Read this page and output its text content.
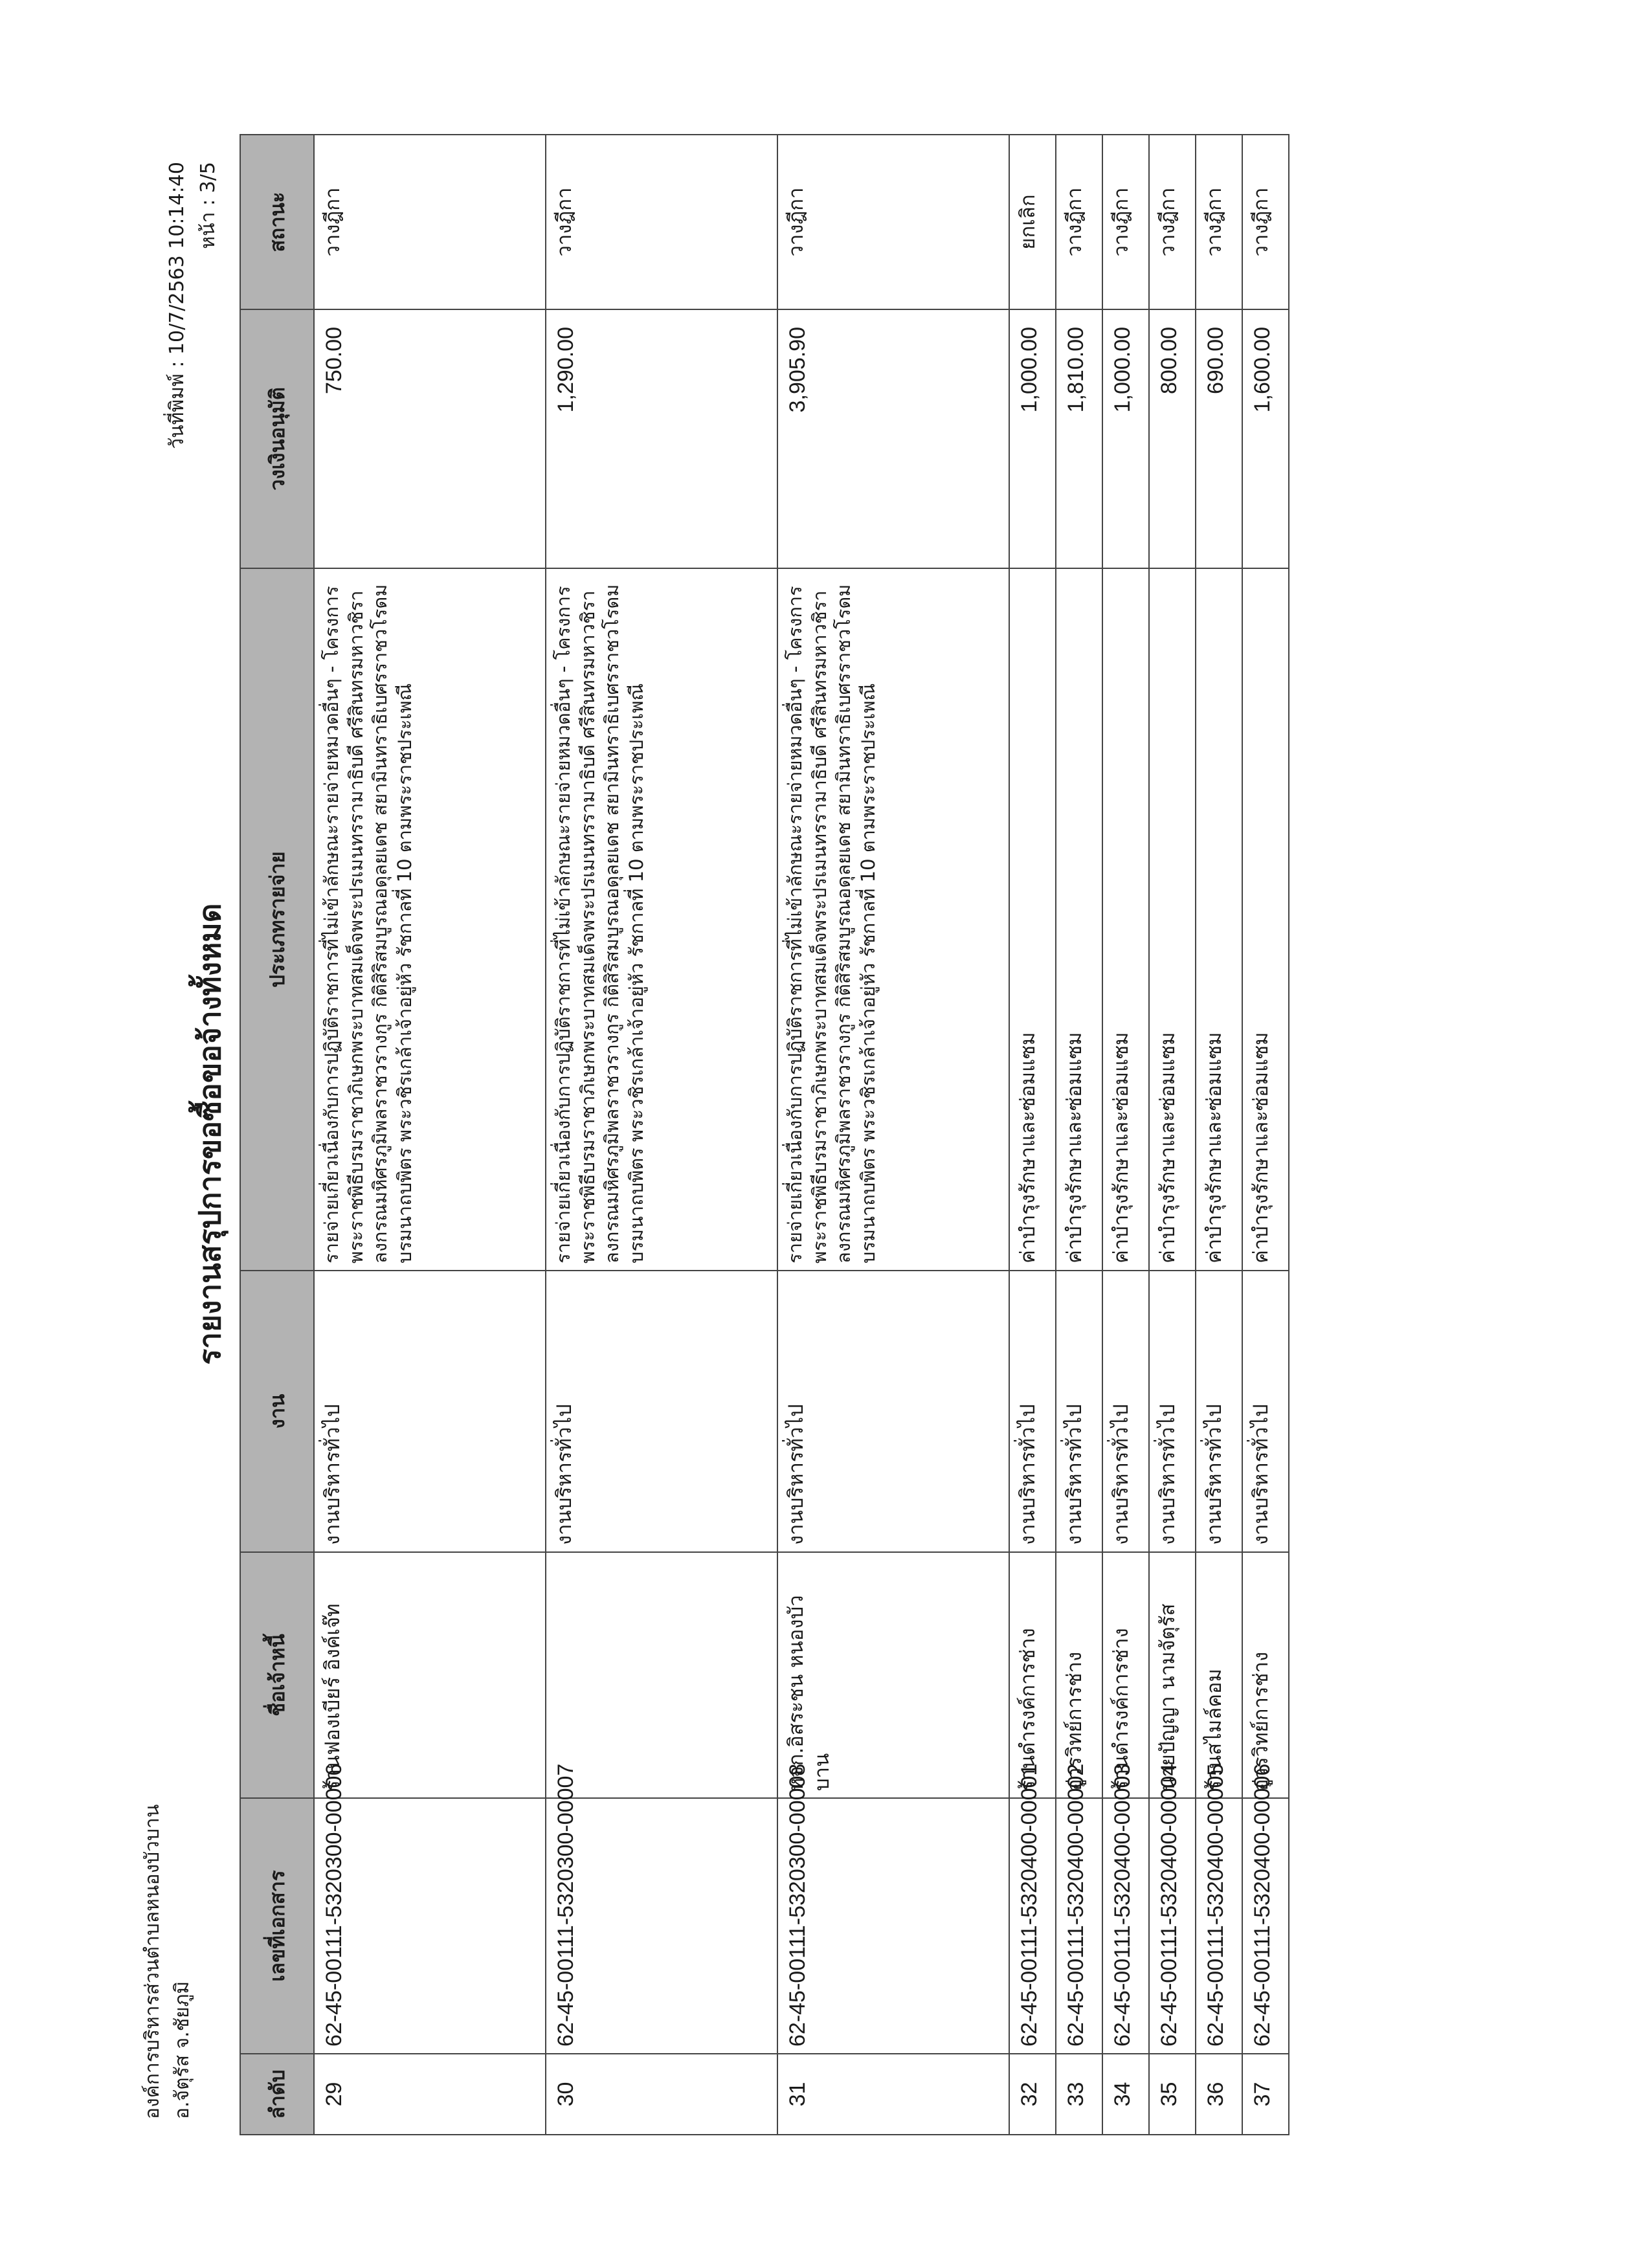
องค์การบริหารส่วนตำบลหนองบัวบาน อ.จัตุรัส จ.ชัยภูมิ
วันที่พิมพ์ : 10/7/2563 10:14:40 หน้า : 3/5
รายงานสรุปการขอซื้อขอจ้างทั้งหมด
ลำดับ	เลขที่เอกสาร	ชื่อเจ้าหนี้	งาน	ประเภทรายจ่าย	วงเงินอนุมัติ	สถานะ
29	62-45-00111-5320300-00006	ร้านฟองเบียร์ อิงค์เจ๊ท	งานบริหารทั่วไป	รายจ่ายเกี่ยวเนื่องกับการปฏิบัติราชการที่ไม่เข้าลักษณะรายจ่ายหมวดอื่นๆ - โครงการพระราชพิธีบรมราชาภิเษกพระบาทสมเด็จพระปรเมนทรรามาธิบดี ศรีสินทรมหาวชิราลงกรณมหิศรภูมิพลราชวรางกูร กิติสิริสมบูรณอดุลยเดช สยามินทราธิเบศรราชวโรดม บรมนาถบพิตร พระวชิรเกล้าเจ้าอยู่หัว รัชกาลที่ 10 ตามพระราชประเพณี	750.00	วางฎีกา
30	62-45-00111-5320300-00007		งานบริหารทั่วไป	รายจ่ายเกี่ยวเนื่องกับการปฏิบัติราชการที่ไม่เข้าลักษณะรายจ่ายหมวดอื่นๆ - โครงการพระราชพิธีบรมราชาภิเษกพระบาทสมเด็จพระปรเมนทรรามาธิบดี ศรีสินทรมหาวชิราลงกรณมหิศรภูมิพลราชวรางกูร กิติสิริสมบูรณอดุลยเดช สยามินทราธิเบศรราชวโรดม บรมนาถบพิตร พระวชิรเกล้าเจ้าอยู่หัว รัชกาลที่ 10 ตามพระราชประเพณี	1,290.00	วางฎีกา
31	62-45-00111-5320300-00008	หจก.อิสระชน หนองบัวบาน	งานบริหารทั่วไป	รายจ่ายเกี่ยวเนื่องกับการปฏิบัติราชการที่ไม่เข้าลักษณะรายจ่ายหมวดอื่นๆ - โครงการพระราชพิธีบรมราชาภิเษกพระบาทสมเด็จพระปรเมนทรรามาธิบดี ศรีสินทรมหาวชิราลงกรณมหิศรภูมิพลราชวรางกูร กิติสิริสมบูรณอดุลยเดช สยามินทราธิเบศรราชวโรดม บรมนาถบพิตร พระวชิรเกล้าเจ้าอยู่หัว รัชกาลที่ 10 ตามพระราชประเพณี	3,905.90	วางฎีกา
32	62-45-00111-5320400-00001	ร้านดำรงค์การช่าง	งานบริหารทั่วไป	ค่าบำรุงรักษาและซ่อมแซม	1,000.00	ยกเลิก
33	62-45-00111-5320400-00002	อู่วรวิทย์การช่าง	งานบริหารทั่วไป	ค่าบำรุงรักษาและซ่อมแซม	1,810.00	วางฎีกา
34	62-45-00111-5320400-00003	ร้านดำรงค์การช่าง	งานบริหารทั่วไป	ค่าบำรุงรักษาและซ่อมแซม	1,000.00	วางฎีกา
35	62-45-00111-5320400-00004	นายปัญญา นามจัตุรัส	งานบริหารทั่วไป	ค่าบำรุงรักษาและซ่อมแซม	800.00	วางฎีกา
36	62-45-00111-5320400-00005	ร้านสไมล์คอม	งานบริหารทั่วไป	ค่าบำรุงรักษาและซ่อมแซม	690.00	วางฎีกา
37	62-45-00111-5320400-00006	อู่วรวิทย์การช่าง	งานบริหารทั่วไป	ค่าบำรุงรักษาและซ่อมแซม	1,600.00	วางฎีกา
